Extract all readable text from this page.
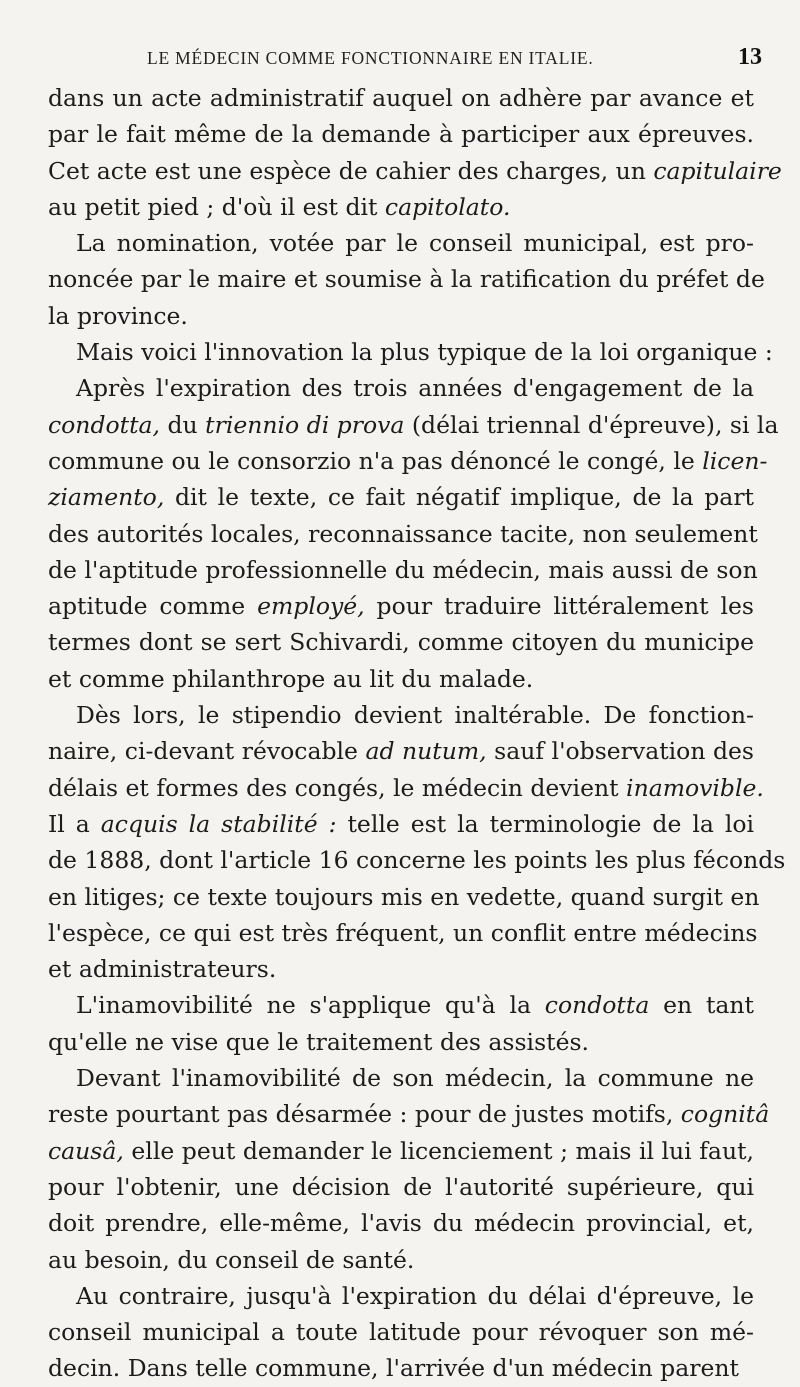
LE MÉDECIN COMME FONCTIONNAIRE EN ITALIE.	13
dans un acte administratif auquel on adhère par avance et
par le fait même de la demande à participer aux épreuves.
Cet acte est une espèce de cahier des charges, un capitulaire
au petit pied ; d'où il est dit capitolato.
La nomination, votée par le conseil municipal, est pro-
noncée par le maire et soumise à la ratification du préfet de
la province.
Mais voici l'innovation la plus typique de la loi organique :
Après l'expiration des trois années d'engagement de la
condotta, du triennio di prova (délai triennal d'épreuve), si la
commune ou le consorzio n'a pas dénoncé le congé, le licen-
ziamento, dit le texte, ce fait négatif implique, de la part
des autorités locales, reconnaissance tacite, non seulement
de l'aptitude professionnelle du médecin, mais aussi de son
aptitude comme employé, pour traduire littéralement les
termes dont se sert Schivardi, comme citoyen du municipe
et comme philanthrope au lit du malade.
Dès lors, le stipendio devient inaltérable. De fonction-
naire, ci-devant révocable ad nutum, sauf l'observation des
délais et formes des congés, le médecin devient inamovible.
Il a acquis la stabilité : telle est la terminologie de la loi
de 1888, dont l'article 16 concerne les points les plus féconds
en litiges; ce texte toujours mis en vedette, quand surgit en
l'espèce, ce qui est très fréquent, un conflit entre médecins
et administrateurs.
L'inamovibilité ne s'applique qu'à la condotta en tant
qu'elle ne vise que le traitement des assistés.
Devant l'inamovibilité de son médecin, la commune ne
reste pourtant pas désarmée : pour de justes motifs, cognitâ
causâ, elle peut demander le licenciement ; mais il lui faut,
pour l'obtenir, une décision de l'autorité supérieure, qui
doit prendre, elle-même, l'avis du médecin provincial, et,
au besoin, du conseil de santé.
Au contraire, jusqu'à l'expiration du délai d'épreuve, le
conseil municipal a toute latitude pour révoquer son mé-
decin. Dans telle commune, l'arrivée d'un médecin parent
